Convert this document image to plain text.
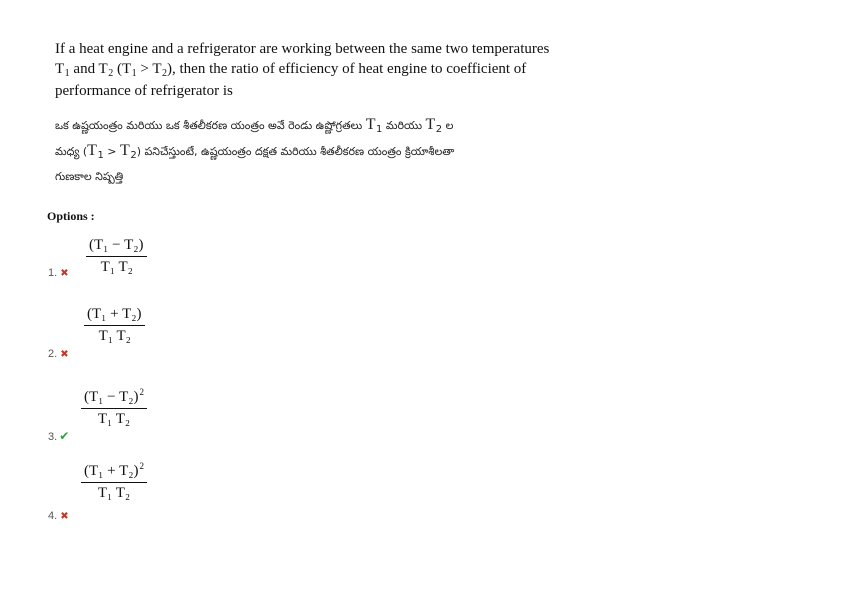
If a heat engine and a refrigerator are working between the same two temperatures
$T_1$ and $T_2$ $(T_1 > T_2)$, then the ratio of efficiency of heat engine to coefficient of
performance of refrigerator is
ఒక ఉష్ణయంత్రం మరియు ఒక శీతలీకరణ యంత్రం అవే రెండు ఉష్ణోగ్రతలు T1 మరియు T2 ల
మధ్య (T1 > T2) పనిచేస్తుంటే, ఉష్ణయంత్రం దక్షత మరియు శీతలీకరణ యంత్రం క్రియాశీలతా
గుణకాల నిష్పత్తి
Options :
(T₁ − T₂)
T₁ T₂
1. ✖
(T₁ + T₂)
T₁ T₂
2. ✖
$(T_1 - T_2)^2$
T₁ T₂
3. ✔
$(T_1 + T_2)^2$
T₁ T₂
4. ✖
